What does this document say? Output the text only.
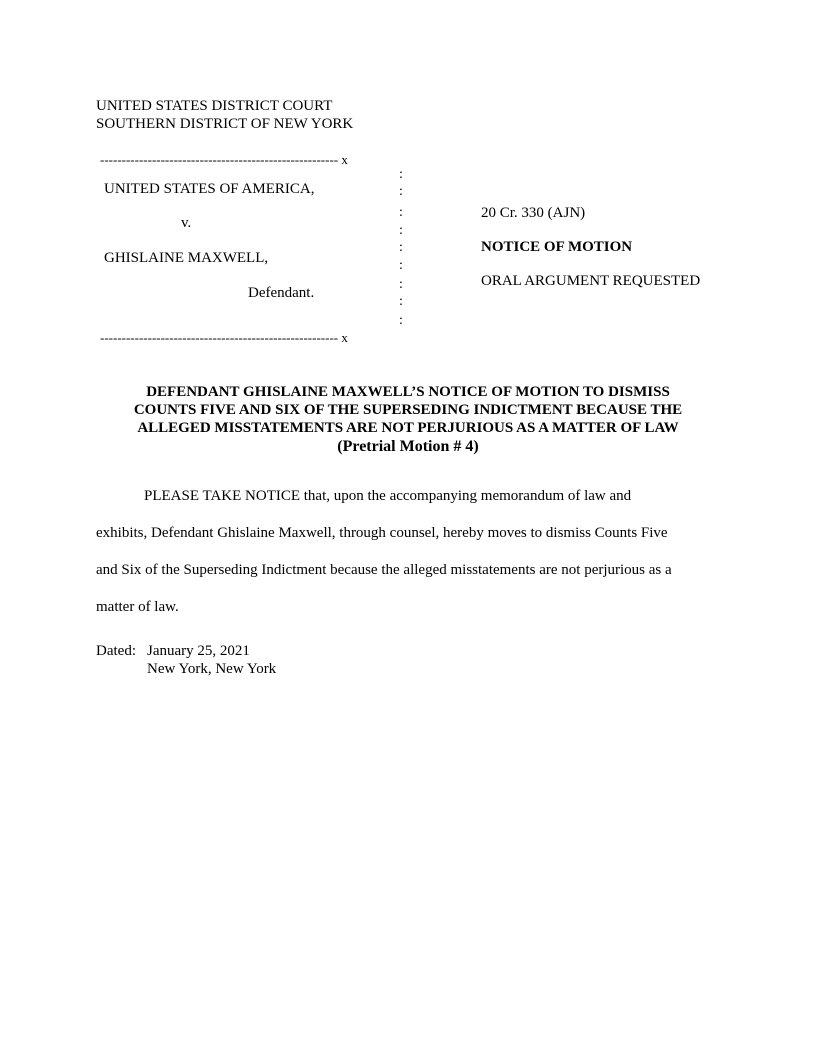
UNITED STATES DISTRICT COURT
SOUTHERN DISTRICT OF NEW YORK
------------------------------------------------------- x
UNITED STATES OF AMERICA,
v.
GHISLAINE MAXWELL,
Defendant.
:
:
:
:
:
:
:
:
:
------------------------------------------------------- x
20 Cr. 330 (AJN)
NOTICE OF MOTION
ORAL ARGUMENT REQUESTED
DEFENDANT GHISLAINE MAXWELL’S NOTICE OF MOTION TO DISMISS
COUNTS FIVE AND SIX OF THE SUPERSEDING INDICTMENT BECAUSE THE
ALLEGED MISSTATEMENTS ARE NOT PERJURIOUS AS A MATTER OF LAW
(Pretrial Motion # 4)
PLEASE TAKE NOTICE that, upon the accompanying memorandum of law and
exhibits, Defendant Ghislaine Maxwell, through counsel, hereby moves to dismiss Counts Five
and Six of the Superseding Indictment because the alleged misstatements are not perjurious as a
matter of law.
Dated: January 25, 2021
New York, New York
